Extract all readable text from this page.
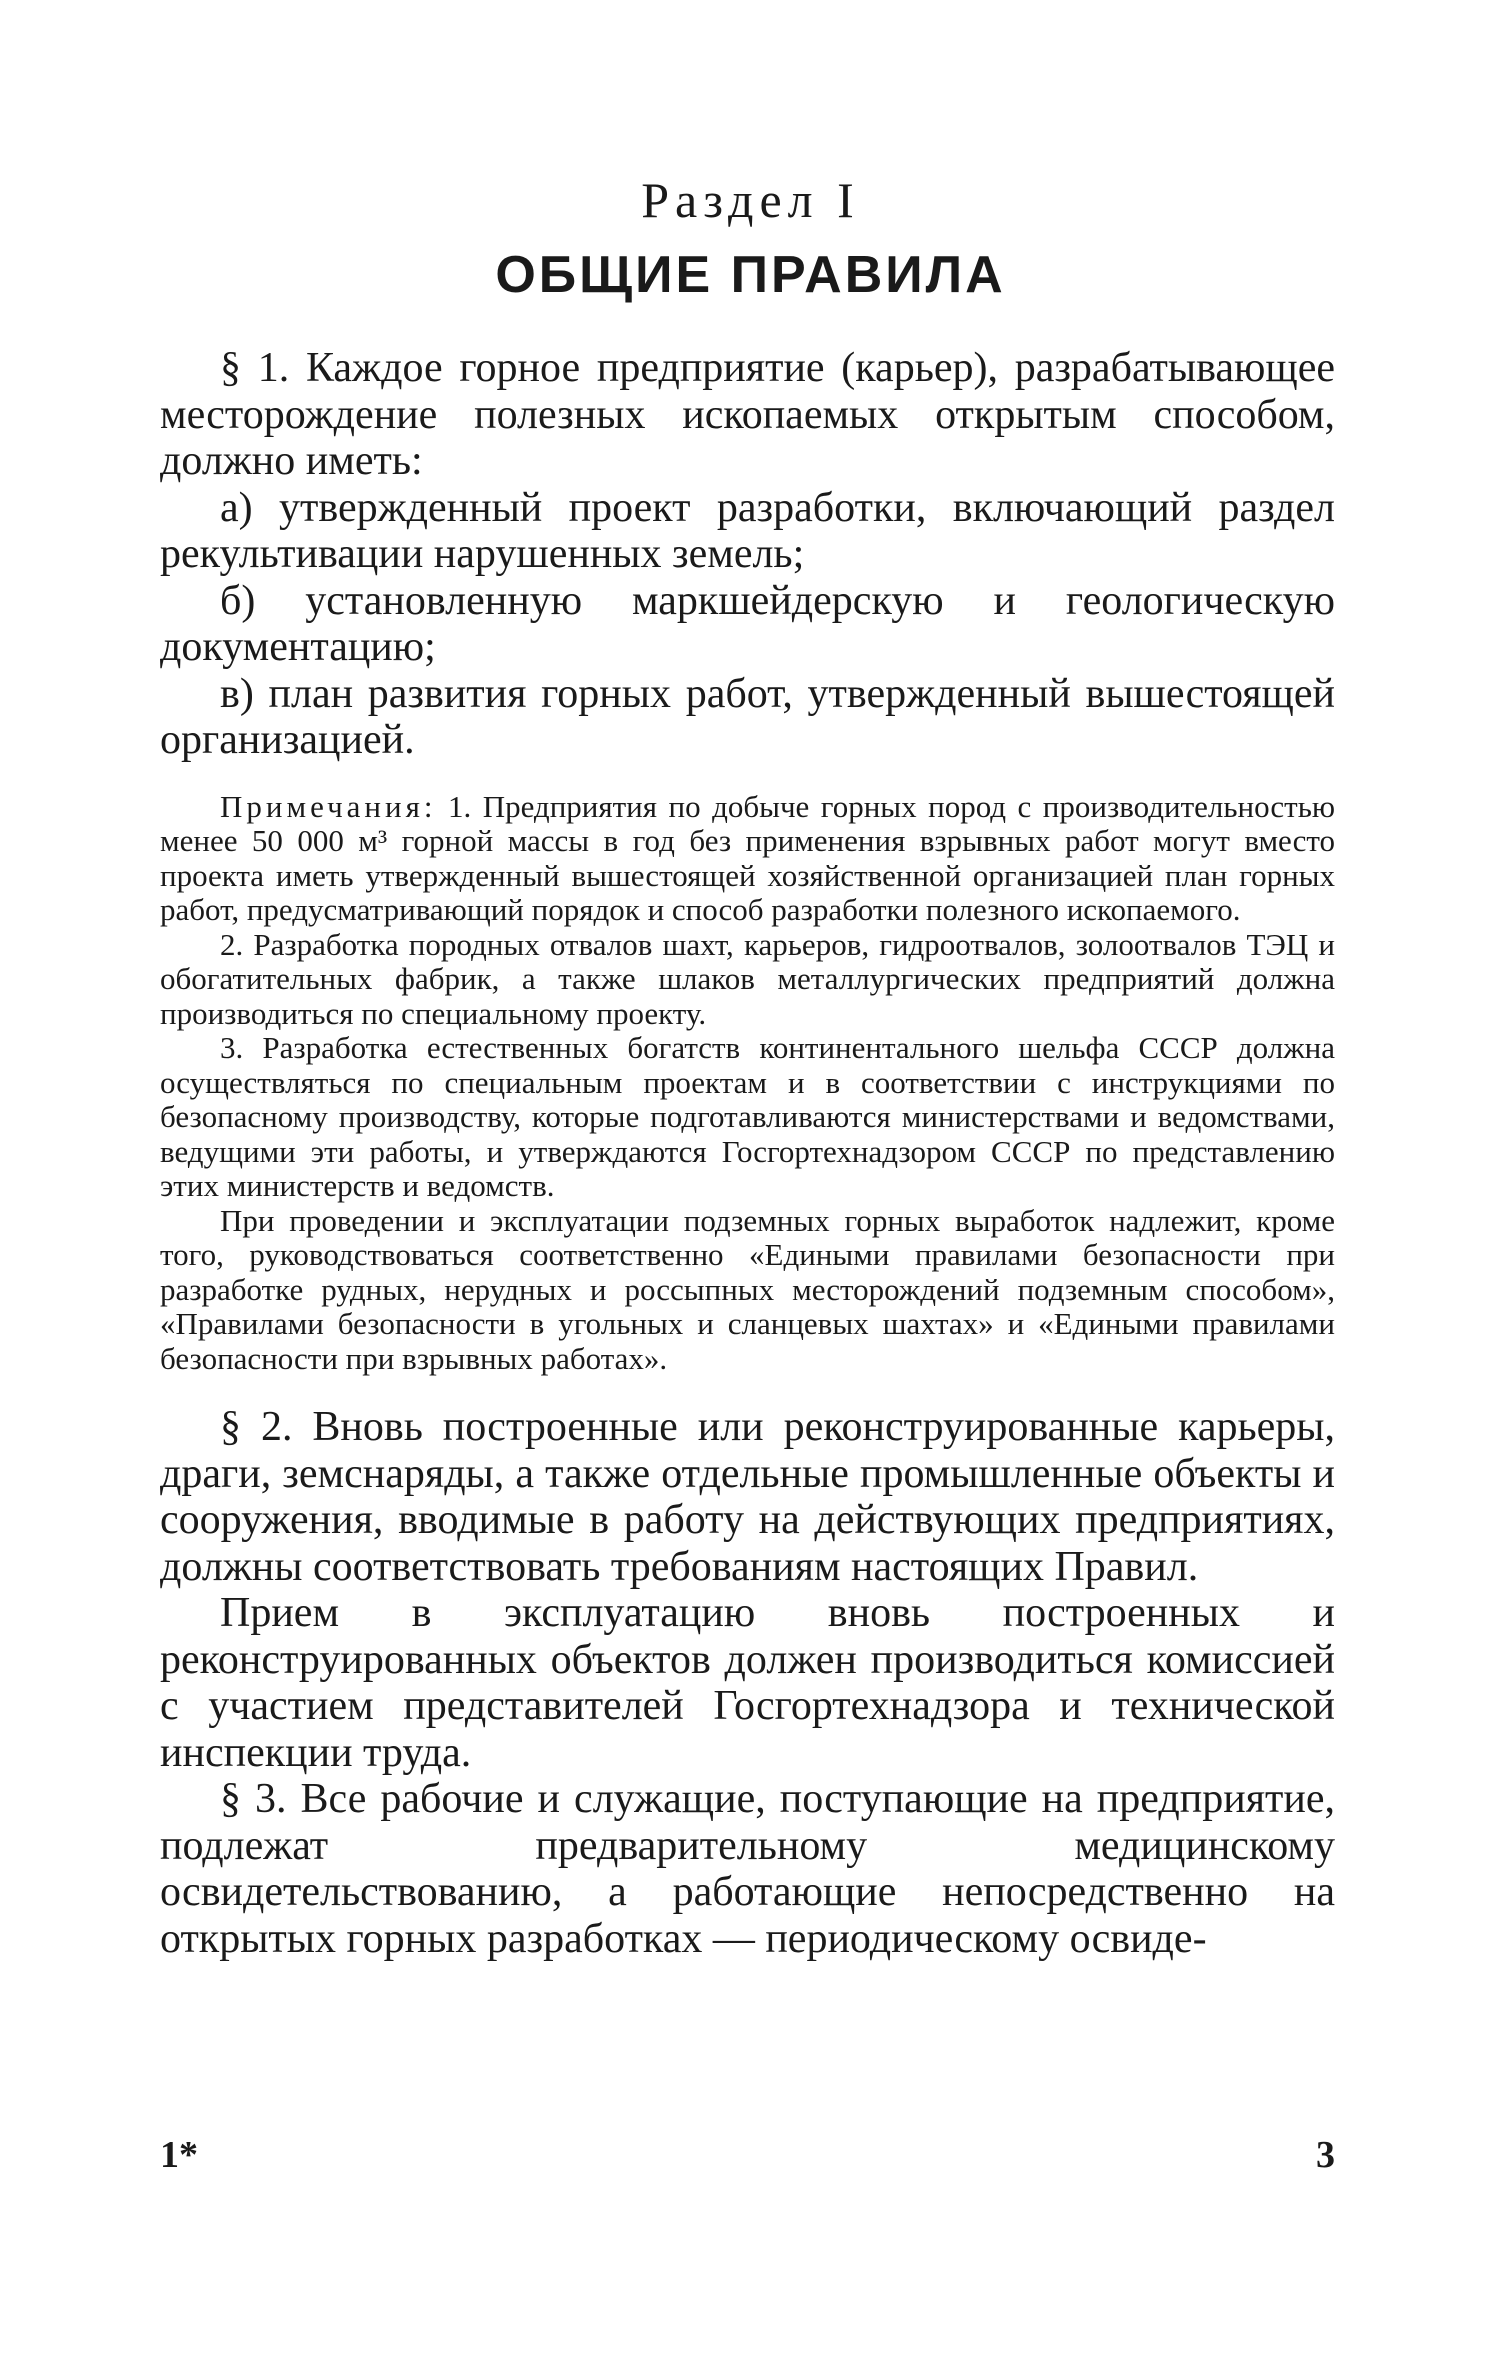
Раздел I
ОБЩИЕ ПРАВИЛА

§ 1. Каждое горное предприятие (карьер), разрабатывающее месторождение полезных ископаемых открытым способом, должно иметь:

а) утвержденный проект разработки, включающий раздел рекультивации нарушенных земель;

б) установленную маркшейдерскую и геологическую документацию;

в) план развития горных работ, утвержденный вышестоящей организацией.

Примечания: 1. Предприятия по добыче горных пород с производительностью менее 50 000 м³ горной массы в год без применения взрывных работ могут вместо проекта иметь утвержденный вышестоящей хозяйственной организацией план горных работ, предусматривающий порядок и способ разработки полезного ископаемого.

2. Разработка породных отвалов шахт, карьеров, гидроотвалов, золоотвалов ТЭЦ и обогатительных фабрик, а также шлаков металлургических предприятий должна производиться по специальному проекту.

3. Разработка естественных богатств континентального шельфа СССР должна осуществляться по специальным проектам и в соответствии с инструкциями по безопасному производству, которые подготавливаются министерствами и ведомствами, ведущими эти работы, и утверждаются Госгортехнадзором СССР по представлению этих министерств и ведомств.

При проведении и эксплуатации подземных горных выработок надлежит, кроме того, руководствоваться соответственно «Едиными правилами безопасности при разработке рудных, нерудных и россыпных месторождений подземным способом», «Правилами безопасности в угольных и сланцевых шахтах» и «Едиными правилами безопасности при взрывных работах».

§ 2. Вновь построенные или реконструированные карьеры, драги, земснаряды, а также отдельные промышленные объекты и сооружения, вводимые в работу на действующих предприятиях, должны соответствовать требованиям настоящих Правил.

Прием в эксплуатацию вновь построенных и реконструированных объектов должен производиться комиссией с участием представителей Госгортехнадзора и технической инспекции труда.

§ 3. Все рабочие и служащие, поступающие на предприятие, подлежат предварительному медицинскому освидетельствованию, а работающие непосредственно на открытых горных разработках — периодическому освиде-

1*	3
